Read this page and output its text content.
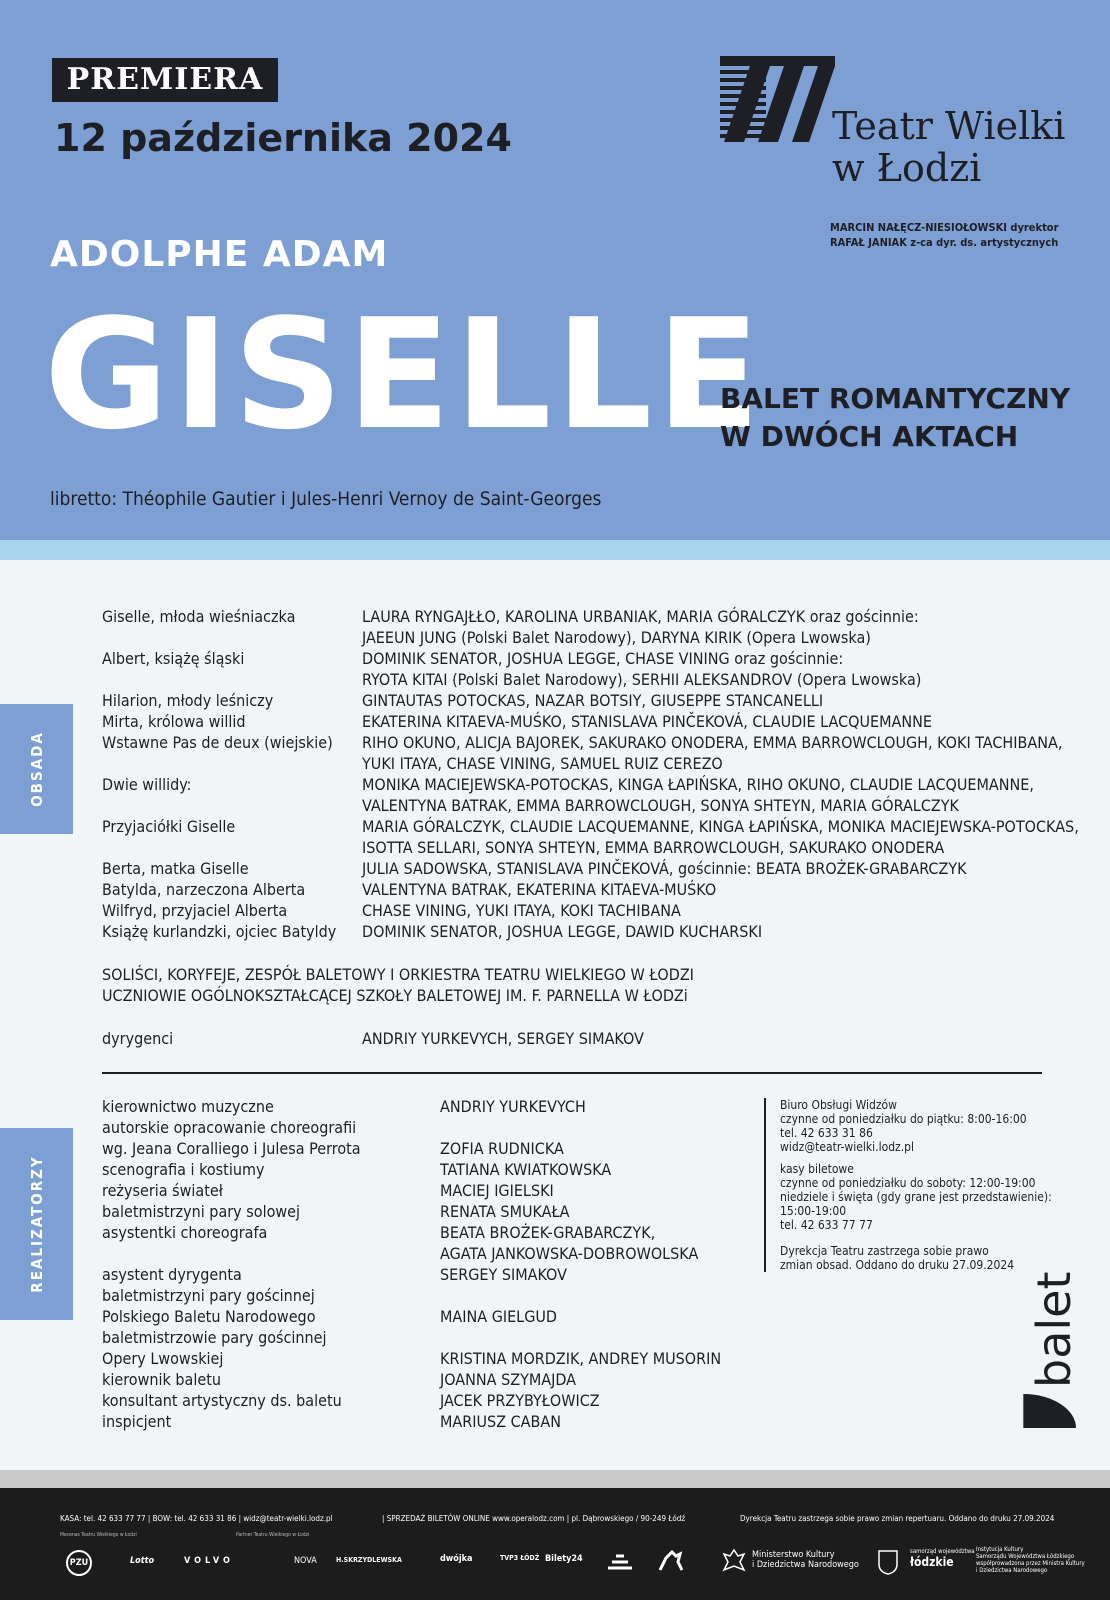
PREMIERA
12 października 2024
ADOLPHE ADAM
GISELLE
BALET ROMANTYCZNY
W DWÓCH AKTACH
libretto: Théophile Gautier i Jules-Henri Vernoy de Saint-Georges
Teatr Wielki
w Łodzi
MARCIN NAŁĘCZ-NIESIOŁOWSKI dyrektor
RAFAŁ JANIAK z-ca dyr. ds. artystycznych
OBSADA
REALIZATORZY
Giselle, młoda wieśniaczka	LAURA RYNGAJŁŁO, KAROLINA URBANIAK, MARIA GÓRALCZYK oraz gościnnie:
JAEEUN JUNG (Polski Balet Narodowy), DARYNA KIRIK (Opera Lwowska)
Albert, książę śląski	DOMINIK SENATOR, JOSHUA LEGGE, CHASE VINING oraz gościnnie:
RYOTA KITAI (Polski Balet Narodowy), SERHII ALEKSANDROV (Opera Lwowska)
Hilarion, młody leśniczy	GINTAUTAS POTOCKAS, NAZAR BOTSIY, GIUSEPPE STANCANELLI
Mirta, królowa willid	EKATERINA KITAEVA-MUŚKO, STANISLAVA PINČEKOVÁ, CLAUDIE LACQUEMANNE
Wstawne Pas de deux (wiejskie)	RIHO OKUNO, ALICJA BAJOREK, SAKURAKO ONODERA, EMMA BARROWCLOUGH, KOKI TACHIBANA,
YUKI ITAYA, CHASE VINING, SAMUEL RUIZ CEREZO
Dwie willidy:	MONIKA MACIEJEWSKA-POTOCKAS, KINGA ŁAPIŃSKA, RIHO OKUNO, CLAUDIE LACQUEMANNE,
VALENTYNA BATRAK, EMMA BARROWCLOUGH, SONYA SHTEYN, MARIA GÓRALCZYK
Przyjaciółki Giselle	MARIA GÓRALCZYK, CLAUDIE LACQUEMANNE, KINGA ŁAPIŃSKA, MONIKA MACIEJEWSKA-POTOCKAS,
ISOTTA SELLARI, SONYA SHTEYN, EMMA BARROWCLOUGH, SAKURAKO ONODERA
Berta, matka Giselle	JULIA SADOWSKA, STANISLAVA PINČEKOVÁ, gościnnie: BEATA BROŻEK-GRABARCZYK
Batylda, narzeczona Alberta	VALENTYNA BATRAK, EKATERINA KITAEVA-MUŚKO
Wilfryd, przyjaciel Alberta	CHASE VINING, YUKI ITAYA, KOKI TACHIBANA
Książę kurlandzki, ojciec Batyldy	DOMINIK SENATOR, JOSHUA LEGGE, DAWID KUCHARSKI
SOLIŚCI, KORYFEJE, ZESPÓŁ BALETOWY I ORKIESTRA TEATRU WIELKIEGO W ŁODZI
UCZNIOWIE OGÓLNOKSZTAŁCĄCEJ SZKOŁY BALETOWEJ IM. F. PARNELLA W ŁODZi
dyrygenci	ANDRIY YURKEVYCH, SERGEY SIMAKOV
kierownictwo muzyczne	ANDRIY YURKEVYCH
autorskie opracowanie choreografii
wg. Jeana Coralliego i Julesa Perrota
	ZOFIA RUDNICKA
scenografia i kostiumy	TATIANA KWIATKOWSKA
reżyseria świateł	MACIEJ IGIELSKI
baletmistrzyni pary solowej	RENATA SMUKAŁA
asystentki choreografa
	BEATA BROŻEK-GRABARCZYK,
AGATA JANKOWSKA-DOBROWOLSKA
asystent dyrygenta	SERGEY SIMAKOV
baletmistrzyni pary gościnnej
Polskiego Baletu Narodowego
	MAINA GIELGUD
baletmistrzowie pary gościnnej
Opery Lwowskiej
	KRISTINA MORDZIK, ANDREY MUSORIN
kierownik baletu	JOANNA SZYMAJDA
konsultant artystyczny ds. baletu	JACEK PRZYBYŁOWICZ
inspicjent	MARIUSZ CABAN
Biuro Obsługi Widzów
czynne od poniedziałku do piątku: 8:00-16:00
tel. 42 633 31 86
widz@teatr-wielki.lodz.pl
kasy biletowe
czynne od poniedziałku do soboty: 12:00-19:00
niedziele i święta (gdy grane jest przedstawienie):
15:00-19:00
tel. 42 633 77 77
Dyrekcja Teatru zastrzega sobie prawo
zmian obsad. Oddano do druku 27.09.2024
balet
KASA: tel. 42 633 77 77 | BOW: tel. 42 633 31 86 | widz@teatr-wielki.lodz.pl	| SPRZEDAŻ BILETÓW ONLINE www.operalodz.com | pl. Dąbrowskiego / 90-249 Łódź	Dyrekcja Teatru zastrzega sobie prawo zmian repertuaru. Oddano do druku 27.09.2024
Mecenas Teatru Wielkiego w Łodzi	Partner Teatru Wielkiego w Łodzi
PZU	Lotto	VOLVO	NOVA	H.SKRZYDLEWSKA	dwójka	TVP3 ŁÓDŹ Bilety24	Ministerstwo Kultury
i Dziedzictwa Narodowego
samorząd województwa
łódzkie
Instytucja Kultury
Samorządu Województwa Łódzkiego
współprowadzona przez Ministra Kultury
i Dziedzictwa Narodowego
